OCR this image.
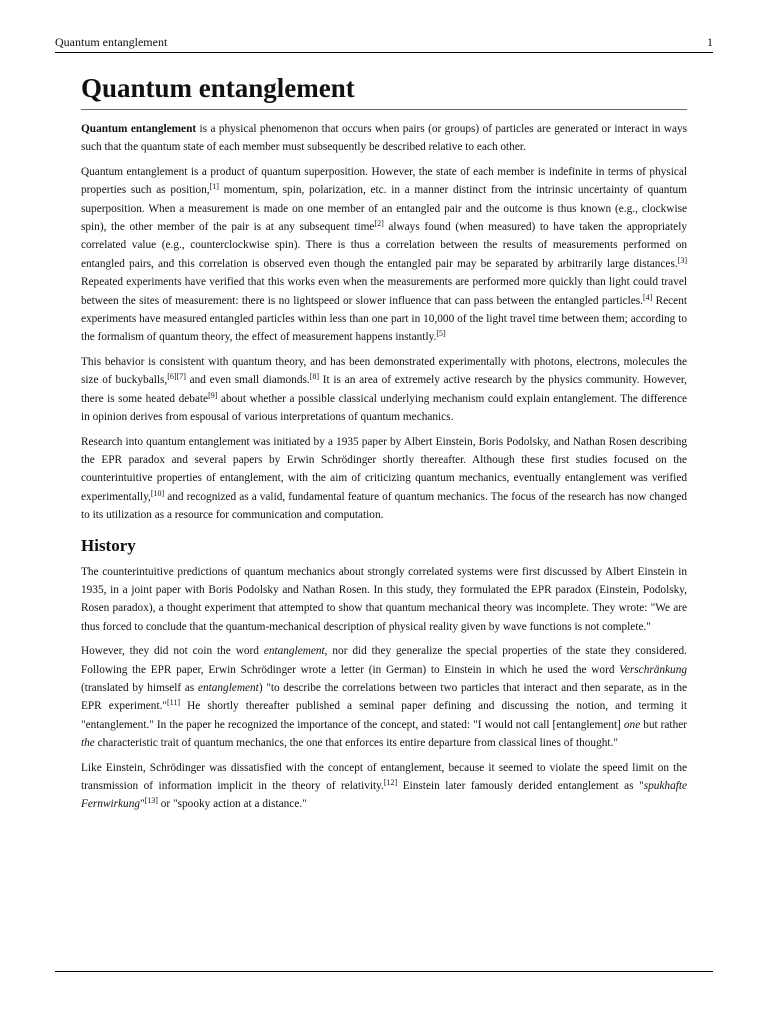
Quantum entanglement	1
Quantum entanglement

Quantum entanglement is a physical phenomenon that occurs when pairs (or groups) of particles are generated or interact in ways such that the quantum state of each member must subsequently be described relative to each other.

Quantum entanglement is a product of quantum superposition. However, the state of each member is indefinite in terms of physical properties such as position,[1] momentum, spin, polarization, etc. in a manner distinct from the intrinsic uncertainty of quantum superposition. When a measurement is made on one member of an entangled pair and the outcome is thus known (e.g., clockwise spin), the other member of the pair is at any subsequent time[2] always found (when measured) to have taken the appropriately correlated value (e.g., counterclockwise spin). There is thus a correlation between the results of measurements performed on entangled pairs, and this correlation is observed even though the entangled pair may be separated by arbitrarily large distances.[3] Repeated experiments have verified that this works even when the measurements are performed more quickly than light could travel between the sites of measurement: there is no lightspeed or slower influence that can pass between the entangled particles.[4] Recent experiments have measured entangled particles within less than one part in 10,000 of the light travel time between them; according to the formalism of quantum theory, the effect of measurement happens instantly.[5]

This behavior is consistent with quantum theory, and has been demonstrated experimentally with photons, electrons, molecules the size of buckyballs,[6][7] and even small diamonds.[8] It is an area of extremely active research by the physics community. However, there is some heated debate[9] about whether a possible classical underlying mechanism could explain entanglement. The difference in opinion derives from espousal of various interpretations of quantum mechanics.

Research into quantum entanglement was initiated by a 1935 paper by Albert Einstein, Boris Podolsky, and Nathan Rosen describing the EPR paradox and several papers by Erwin Schrödinger shortly thereafter. Although these first studies focused on the counterintuitive properties of entanglement, with the aim of criticizing quantum mechanics, eventually entanglement was verified experimentally,[10] and recognized as a valid, fundamental feature of quantum mechanics. The focus of the research has now changed to its utilization as a resource for communication and computation.

History

The counterintuitive predictions of quantum mechanics about strongly correlated systems were first discussed by Albert Einstein in 1935, in a joint paper with Boris Podolsky and Nathan Rosen. In this study, they formulated the EPR paradox (Einstein, Podolsky, Rosen paradox), a thought experiment that attempted to show that quantum mechanical theory was incomplete. They wrote: "We are thus forced to conclude that the quantum-mechanical description of physical reality given by wave functions is not complete."

However, they did not coin the word entanglement, nor did they generalize the special properties of the state they considered. Following the EPR paper, Erwin Schrödinger wrote a letter (in German) to Einstein in which he used the word Verschränkung (translated by himself as entanglement) "to describe the correlations between two particles that interact and then separate, as in the EPR experiment."[11] He shortly thereafter published a seminal paper defining and discussing the notion, and terming it "entanglement." In the paper he recognized the importance of the concept, and stated: "I would not call [entanglement] one but rather the characteristic trait of quantum mechanics, the one that enforces its entire departure from classical lines of thought."

Like Einstein, Schrödinger was dissatisfied with the concept of entanglement, because it seemed to violate the speed limit on the transmission of information implicit in the theory of relativity.[12] Einstein later famously derided entanglement as "spukhafte Fernwirkung"[13] or "spooky action at a distance."
